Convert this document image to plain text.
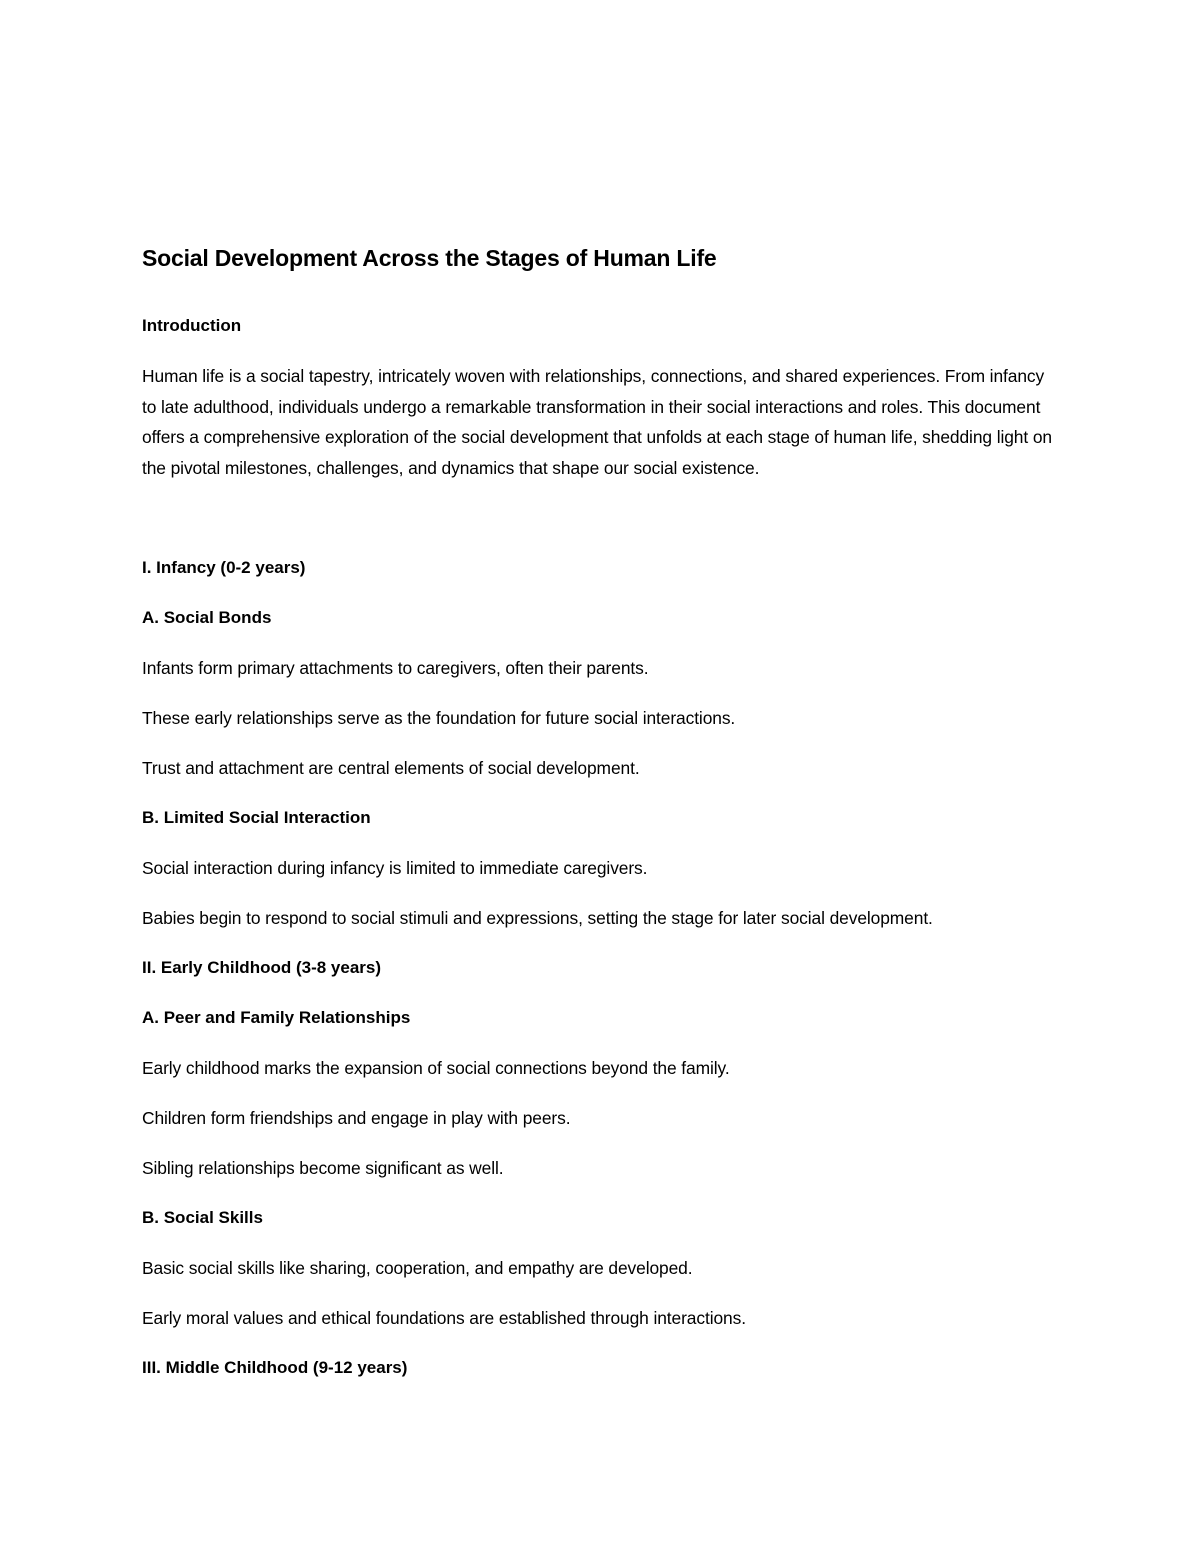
Social Development Across the Stages of Human Life
Introduction

Human life is a social tapestry, intricately woven with relationships, connections, and shared experiences. From infancy to late adulthood, individuals undergo a remarkable transformation in their social interactions and roles. This document offers a comprehensive exploration of the social development that unfolds at each stage of human life, shedding light on the pivotal milestones, challenges, and dynamics that shape our social existence.

I. Infancy (0-2 years)
A. Social Bonds

Infants form primary attachments to caregivers, often their parents.

These early relationships serve as the foundation for future social interactions.

Trust and attachment are central elements of social development.

B. Limited Social Interaction

Social interaction during infancy is limited to immediate caregivers.

Babies begin to respond to social stimuli and expressions, setting the stage for later social development.

II. Early Childhood (3-8 years)
A. Peer and Family Relationships

Early childhood marks the expansion of social connections beyond the family.

Children form friendships and engage in play with peers.

Sibling relationships become significant as well.

B. Social Skills

Basic social skills like sharing, cooperation, and empathy are developed.

Early moral values and ethical foundations are established through interactions.

III. Middle Childhood (9-12 years)
